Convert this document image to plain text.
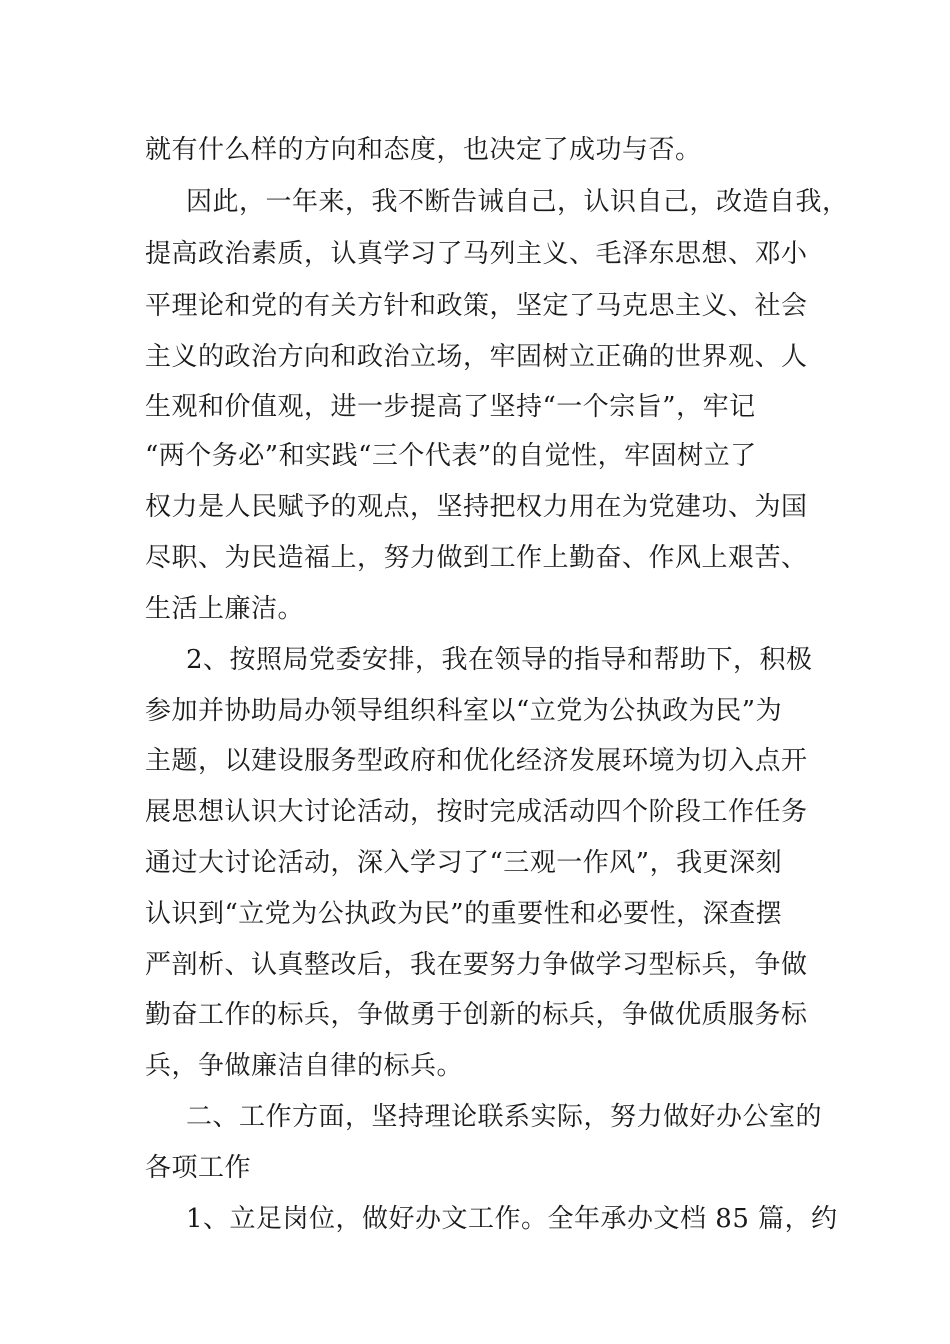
就有什么样的方向和态度，也决定了成功与否。
因此，一年来，我不断告诫自己，认识自己，改造自我，
提高政治素质，认真学习了马列主义、毛泽东思想、邓小
平理论和党的有关方针和政策，坚定了马克思主义、社会
主义的政治方向和政治立场，牢固树立正确的世界观、人
生观和价值观，进一步提高了坚持“一个宗旨”，牢记
“两个务必”和实践“三个代表”的自觉性，牢固树立了
权力是人民赋予的观点，坚持把权力用在为党建功、为国
尽职、为民造福上，努力做到工作上勤奋、作风上艰苦、
生活上廉洁。
2、按照局党委安排，我在领导的指导和帮助下，积极
参加并协助局办领导组织科室以“立党为公执政为民”为
主题，以建设服务型政府和优化经济发展环境为切入点开
展思想认识大讨论活动，按时完成活动四个阶段工作任务
通过大讨论活动，深入学习了“三观一作风”，我更深刻
认识到“立党为公执政为民”的重要性和必要性，深查摆
严剖析、认真整改后，我在要努力争做学习型标兵，争做
勤奋工作的标兵，争做勇于创新的标兵，争做优质服务标
兵，争做廉洁自律的标兵。
二、工作方面，坚持理论联系实际，努力做好办公室的
各项工作
1、立足岗位，做好办文工作。全年承办文档 85 篇，约
